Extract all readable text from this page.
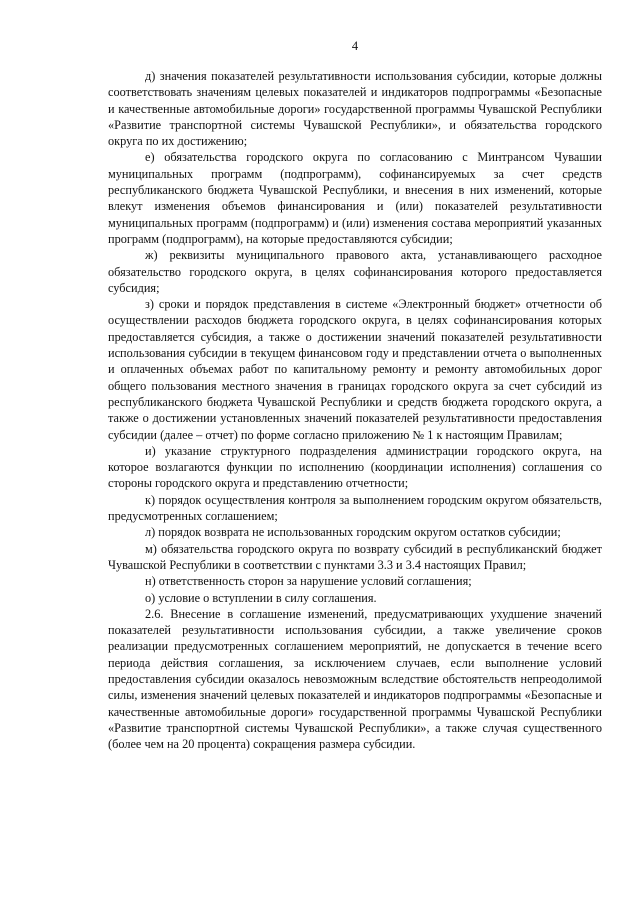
4

д) значения показателей результативности использования субсидии, которые должны соответствовать значениям целевых показателей и индикаторов подпрограммы «Безопасные и качественные автомобильные дороги» государственной программы Чувашской Республики «Развитие транспортной системы Чувашской Республики», и обязательства городского округа по их достижению;

е) обязательства городского округа по согласованию с Минтрансом Чувашии муниципальных программ (подпрограмм), софинансируемых за счет средств республиканского бюджета Чувашской Республики, и внесения в них изменений, которые влекут изменения объемов финансирования и (или) показателей результативности муниципальных программ (подпрограмм) и (или) изменения состава мероприятий указанных программ (подпрограмм), на которые предоставляются субсидии;

ж) реквизиты муниципального правового акта, устанавливающего расходное обязательство городского округа, в целях софинансирования которого предоставляется субсидия;

з) сроки и порядок представления в системе «Электронный бюджет» отчетности об осуществлении расходов бюджета городского округа, в целях софинансирования которых предоставляется субсидия, а также о достижении значений показателей результативности использования субсидии в текущем финансовом году и представлении отчета о выполненных и оплаченных объемах работ по капитальному ремонту и ремонту автомобильных дорог общего пользования местного значения в границах городского округа за счет субсидий из республиканского бюджета Чувашской Республики и средств бюджета городского округа, а также о достижении установленных значений показателей результативности предоставления субсидии (далее – отчет) по форме согласно приложению № 1 к настоящим Правилам;

и) указание структурного подразделения администрации городского округа, на которое возлагаются функции по исполнению (координации исполнения) соглашения со стороны городского округа и представлению отчетности;

к) порядок осуществления контроля за выполнением городским округом обязательств, предусмотренных соглашением;

л) порядок возврата не использованных городским округом остатков субсидии;

м) обязательства городского округа по возврату субсидий в республиканский бюджет Чувашской Республики в соответствии с пунктами 3.3 и 3.4 настоящих Правил;

н) ответственность сторон за нарушение условий соглашения;

о) условие о вступлении в силу соглашения.

2.6. Внесение в соглашение изменений, предусматривающих ухудшение значений показателей результативности использования субсидии, а также увеличение сроков реализации предусмотренных соглашением мероприятий, не допускается в течение всего периода действия соглашения, за исключением случаев, если выполнение условий предоставления субсидии оказалось невозможным вследствие обстоятельств непреодолимой силы, изменения значений целевых показателей и индикаторов подпрограммы «Безопасные и качественные автомобильные дороги» государственной программы Чувашской Республики «Развитие транспортной системы Чувашской Республики», а также случая существенного (более чем на 20 процента) сокращения размера субсидии.
